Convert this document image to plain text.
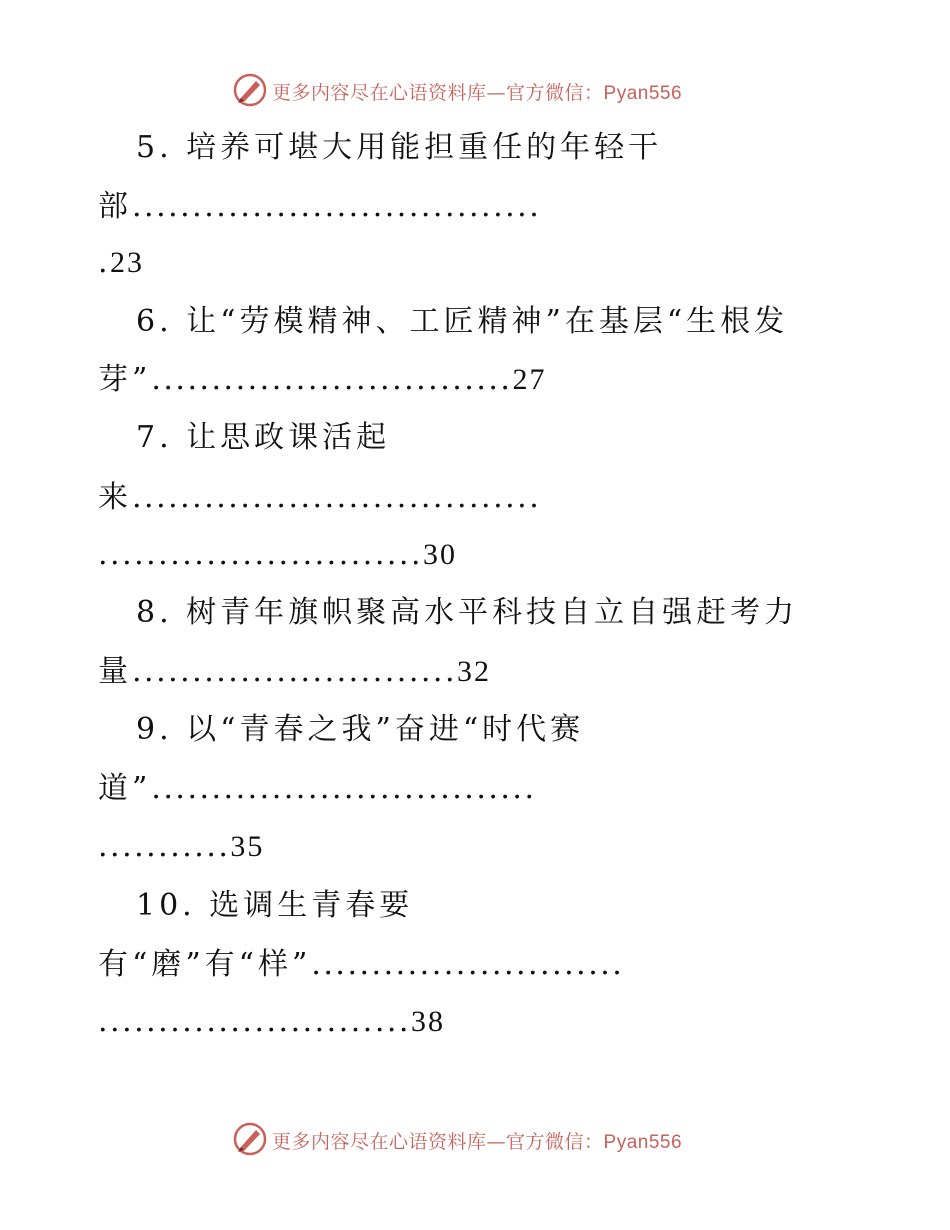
更多内容尽在心语资料库—官方微信：Pyan556
5. 培养可堪大用能担重任的年轻干
部..................................
.23
6. 让“劳模精神、工匠精神”在基层“生根发
芽”..............................27
7. 让思政课活起
来..................................
...........................30
8. 树青年旗帜聚高水平科技自立自强赶考力
量...........................32
9. 以“青春之我”奋进“时代赛
道”................................
...........35
10. 选调生青春要
有“磨”有“样”..........................
..........................38
更多内容尽在心语资料库—官方微信：Pyan556
